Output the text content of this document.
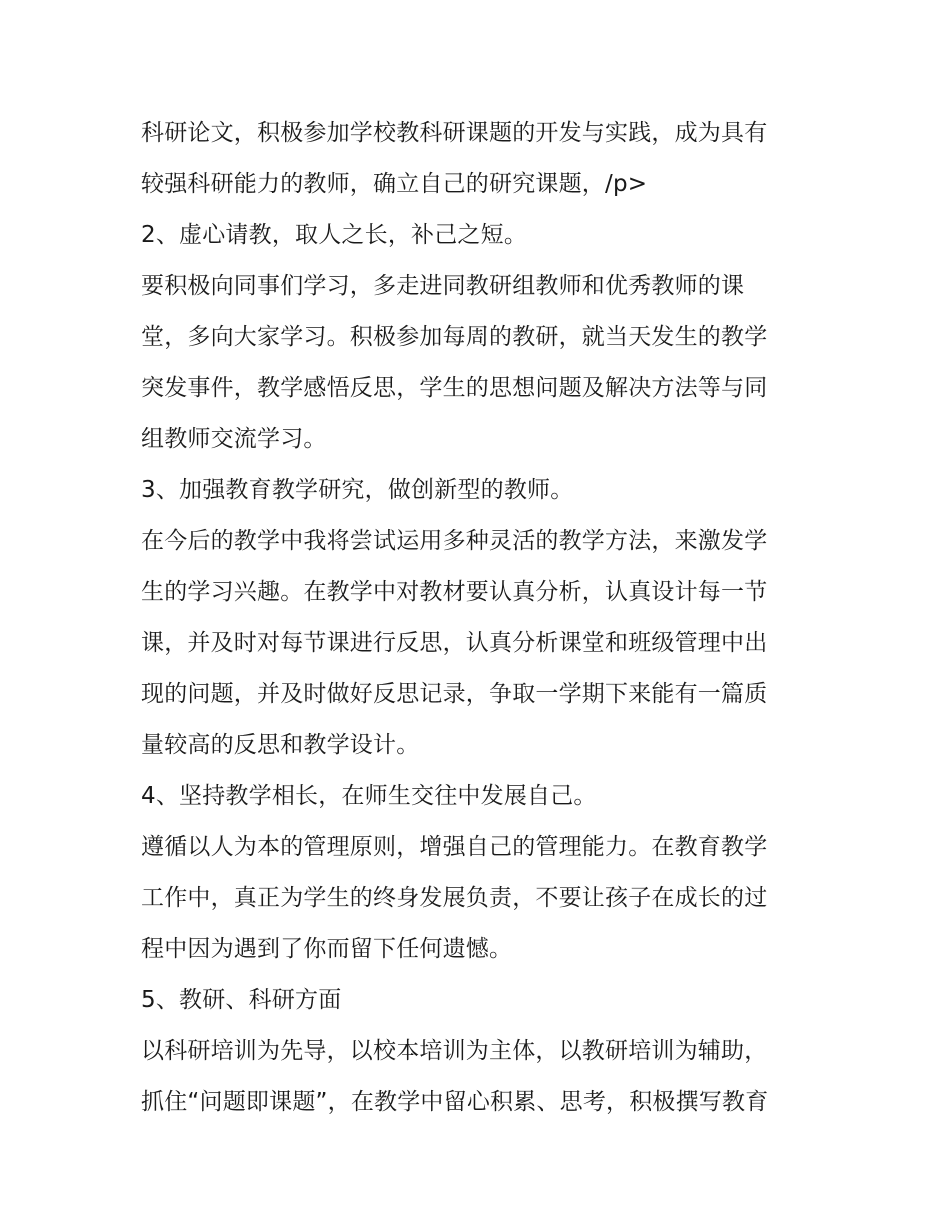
科研论文，积极参加学校教科研课题的开发与实践，成为具有
较强科研能力的教师，确立自己的研究课题，/p>
2、虚心请教，取人之长，补己之短。
要积极向同事们学习，多走进同教研组教师和优秀教师的课
堂，多向大家学习。积极参加每周的教研，就当天发生的教学
突发事件，教学感悟反思，学生的思想问题及解决方法等与同
组教师交流学习。
3、加强教育教学研究，做创新型的教师。
在今后的教学中我将尝试运用多种灵活的教学方法，来激发学
生的学习兴趣。在教学中对教材要认真分析，认真设计每一节
课，并及时对每节课进行反思，认真分析课堂和班级管理中出
现的问题，并及时做好反思记录，争取一学期下来能有一篇质
量较高的反思和教学设计。
4、坚持教学相长，在师生交往中发展自己。
遵循以人为本的管理原则，增强自己的管理能力。在教育教学
工作中，真正为学生的终身发展负责，不要让孩子在成长的过
程中因为遇到了你而留下任何遗憾。
5、教研、科研方面
以科研培训为先导，以校本培训为主体，以教研培训为辅助，
抓住“问题即课题”，在教学中留心积累、思考，积极撰写教育
